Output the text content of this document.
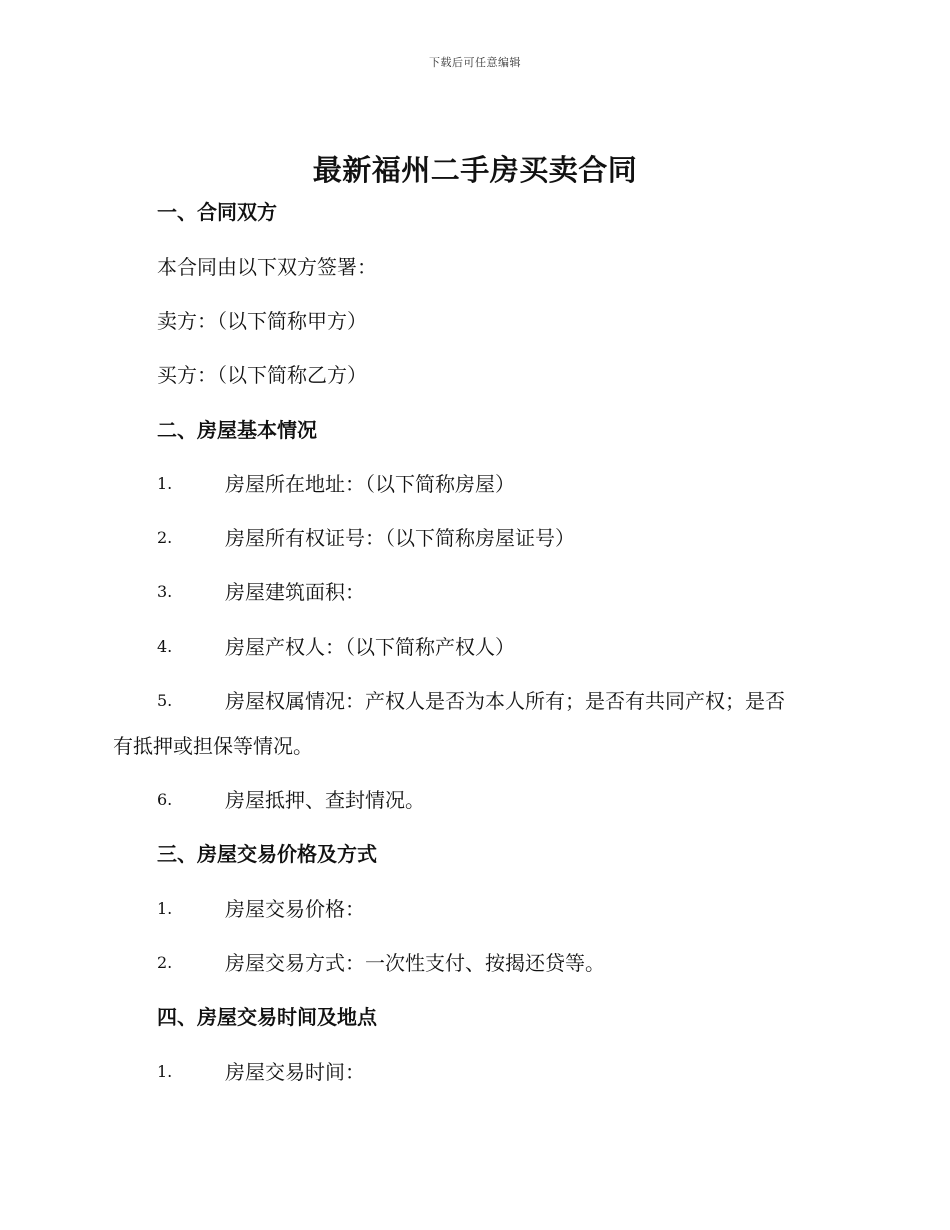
下载后可任意编辑
最新福州二手房买卖合同
一、合同双方
本合同由以下双方签署：
卖方：（以下简称甲方）
买方：（以下简称乙方）
二、房屋基本情况
1.	房屋所在地址：（以下简称房屋）
2.	房屋所有权证号：（以下简称房屋证号）
3.	房屋建筑面积：
4.	房屋产权人：（以下简称产权人）
5.	房屋权属情况：产权人是否为本人所有；是否有共同产权；是否
有抵押或担保等情况。
6.	房屋抵押、查封情况。
三、房屋交易价格及方式
1.	房屋交易价格：
2.	房屋交易方式：一次性支付、按揭还贷等。
四、房屋交易时间及地点
1.	房屋交易时间：
